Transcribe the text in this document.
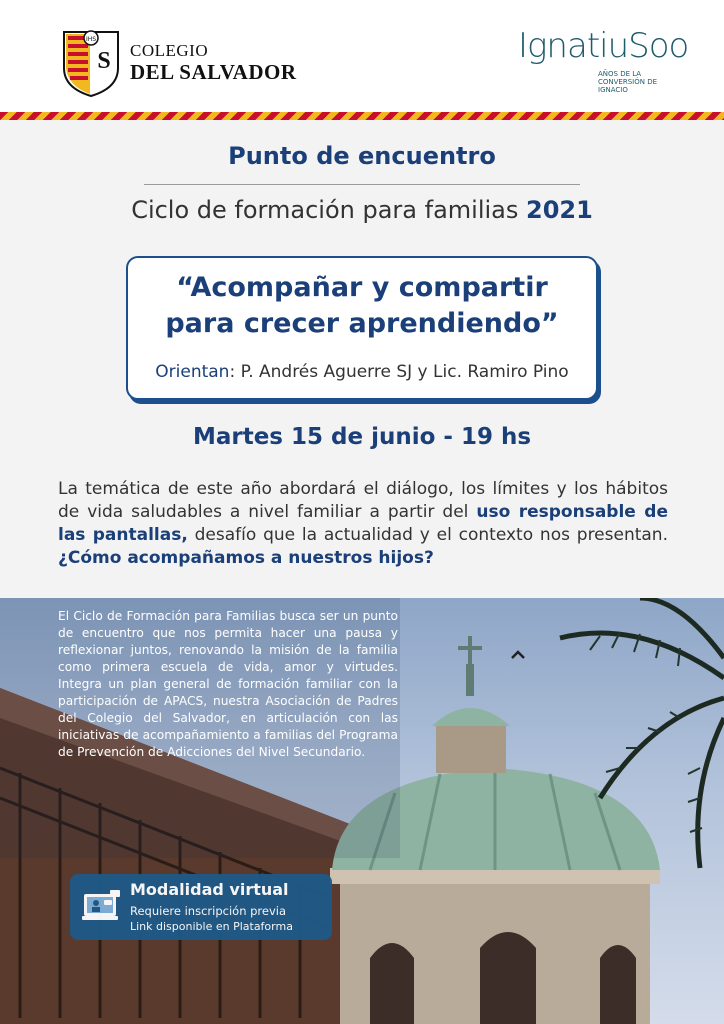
S
IHS
COLEGIO
DEL SALVADOR
IgnatiuSoo
AÑOS DE LA CONVERSIÓN DE IGNACIO
Punto de encuentro
Ciclo de formación para familias 2021
“Acompañar y compartir
para crecer aprendiendo”
Orientan: P. Andrés Aguerre SJ y Lic. Ramiro Pino
Martes 15 de junio - 19 hs
La temática de este año abordará el diálogo, los límites y los hábitos de vida saludables a nivel familiar a partir del uso responsable de las pantallas, desafío que la actualidad y el contexto nos presentan. ¿Cómo acompañamos a nuestros hijos?
El Ciclo de Formación para Familias busca ser un punto de encuentro que nos permita hacer una pausa y reflexionar juntos, renovando la misión de la familia como primera escuela de vida, amor y virtudes. Integra un plan general de formación familiar con la participación de APACS, nuestra Asociación de Padres del Colegio del Salvador, en articulación con las iniciativas de acompañamiento a familias del Programa de Prevención de Adicciones del Nivel Secundario.
Modalidad virtual
Requiere inscripción previa
Link disponible en Plataforma
